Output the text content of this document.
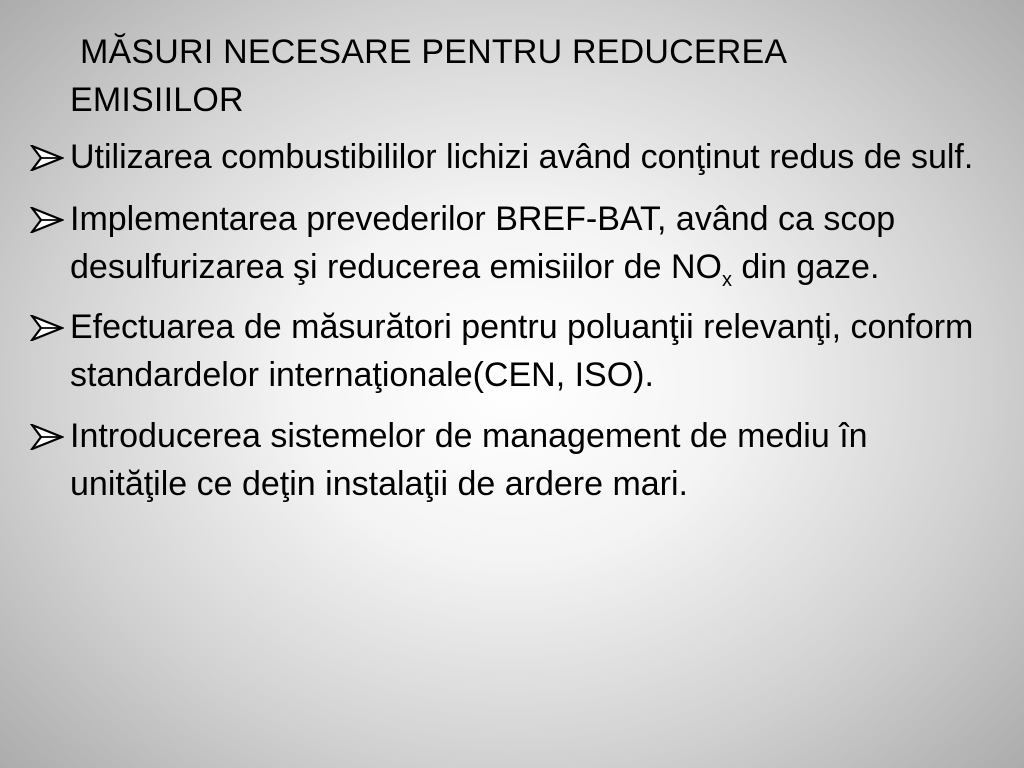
MĂSURI NECESARE PENTRU REDUCEREA EMISIILOR
Utilizarea combustibililor lichizi având conţinut redus de sulf.
Implementarea prevederilor BREF-BAT, având ca scop desulfurizarea şi reducerea emisiilor de $NO_x$ din gaze.
Efectuarea de măsurători pentru poluanţii relevanţi, conform standardelor internaţionale(CEN, ISO).
Introducerea sistemelor de management de mediu în unităţile ce deţin instalaţii de ardere mari.
